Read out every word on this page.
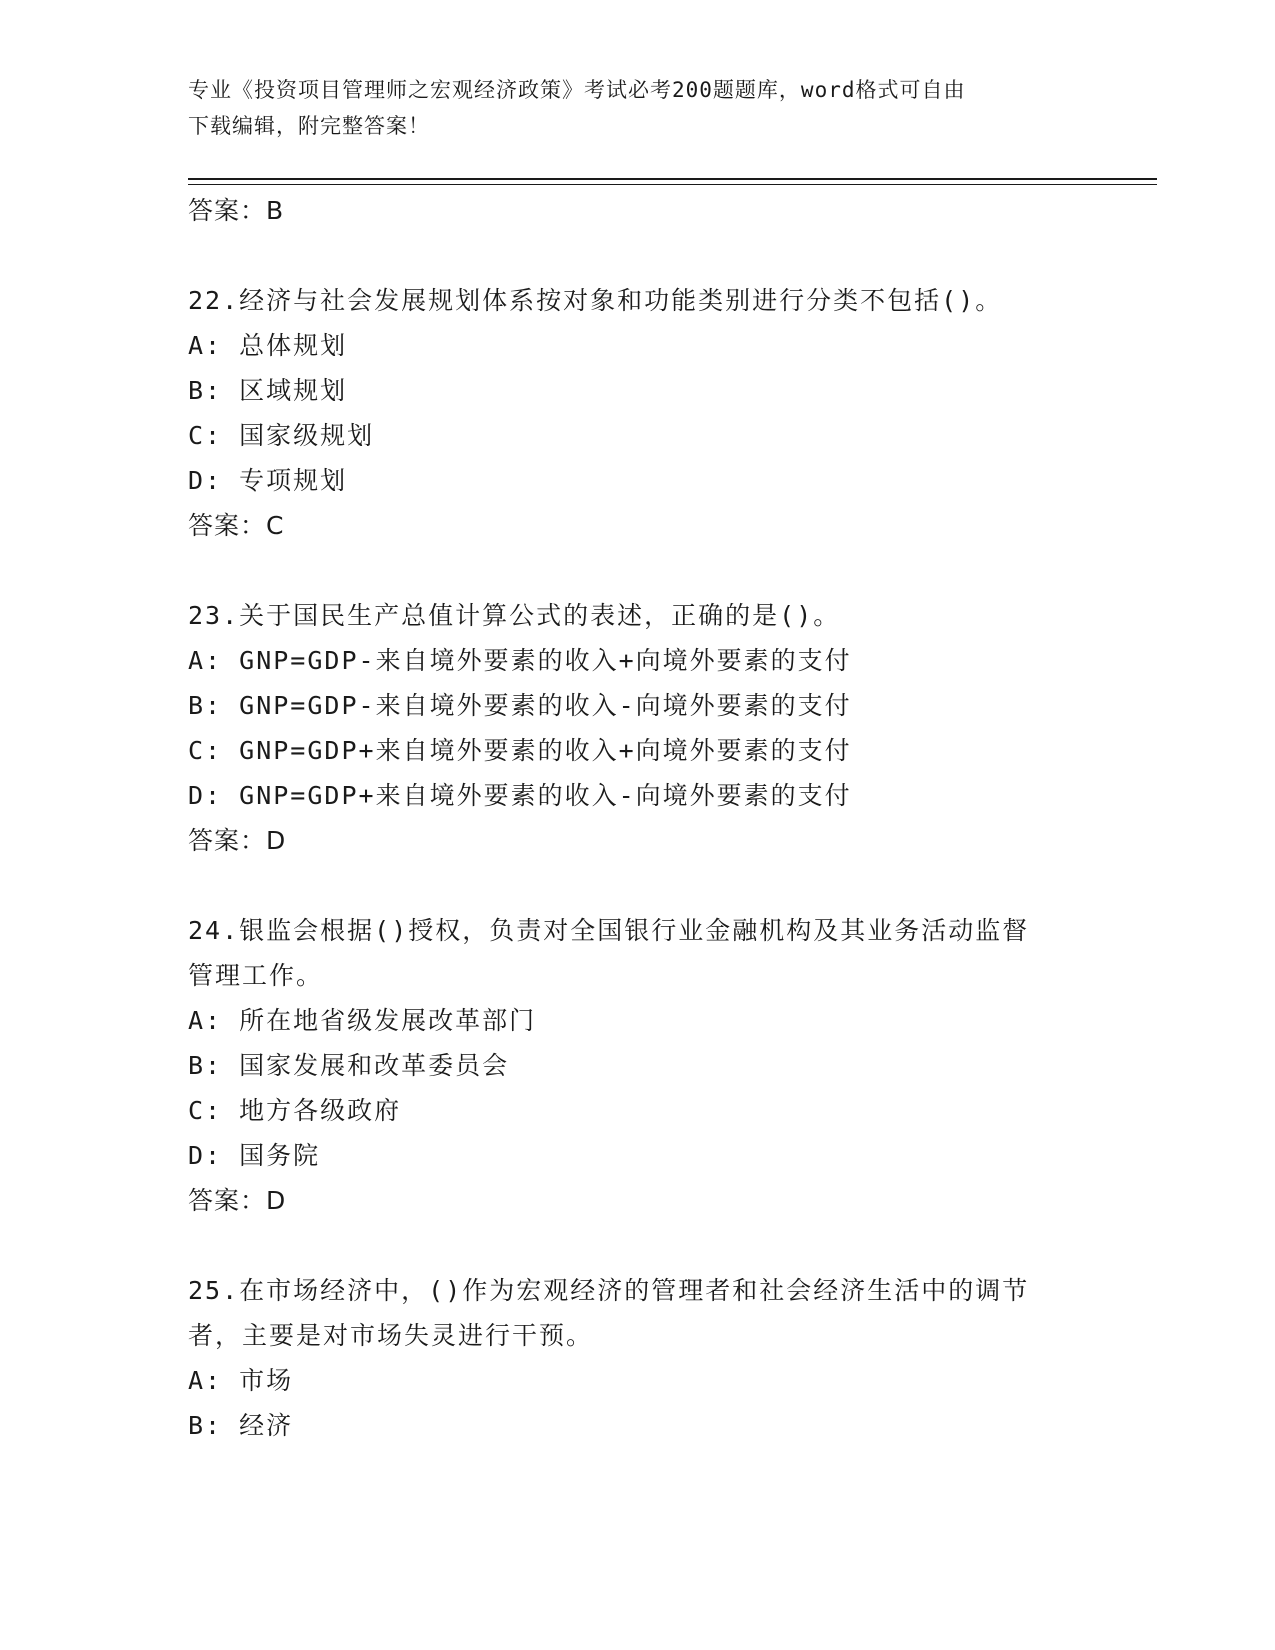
专业《投资项目管理师之宏观经济政策》考试必考200题题库，word格式可自由
下载编辑，附完整答案！
答案：B
22.经济与社会发展规划体系按对象和功能类别进行分类不包括()。
A: 总体规划
B: 区域规划
C: 国家级规划
D: 专项规划
答案：C
23.关于国民生产总值计算公式的表述，正确的是()。
A: GNP=GDP-来自境外要素的收入+向境外要素的支付
B: GNP=GDP-来自境外要素的收入-向境外要素的支付
C: GNP=GDP+来自境外要素的收入+向境外要素的支付
D: GNP=GDP+来自境外要素的收入-向境外要素的支付
答案：D
24.银监会根据()授权，负责对全国银行业金融机构及其业务活动监督
管理工作。
A: 所在地省级发展改革部门
B: 国家发展和改革委员会
C: 地方各级政府
D: 国务院
答案：D
25.在市场经济中，()作为宏观经济的管理者和社会经济生活中的调节
者，主要是对市场失灵进行干预。
A: 市场
B: 经济
